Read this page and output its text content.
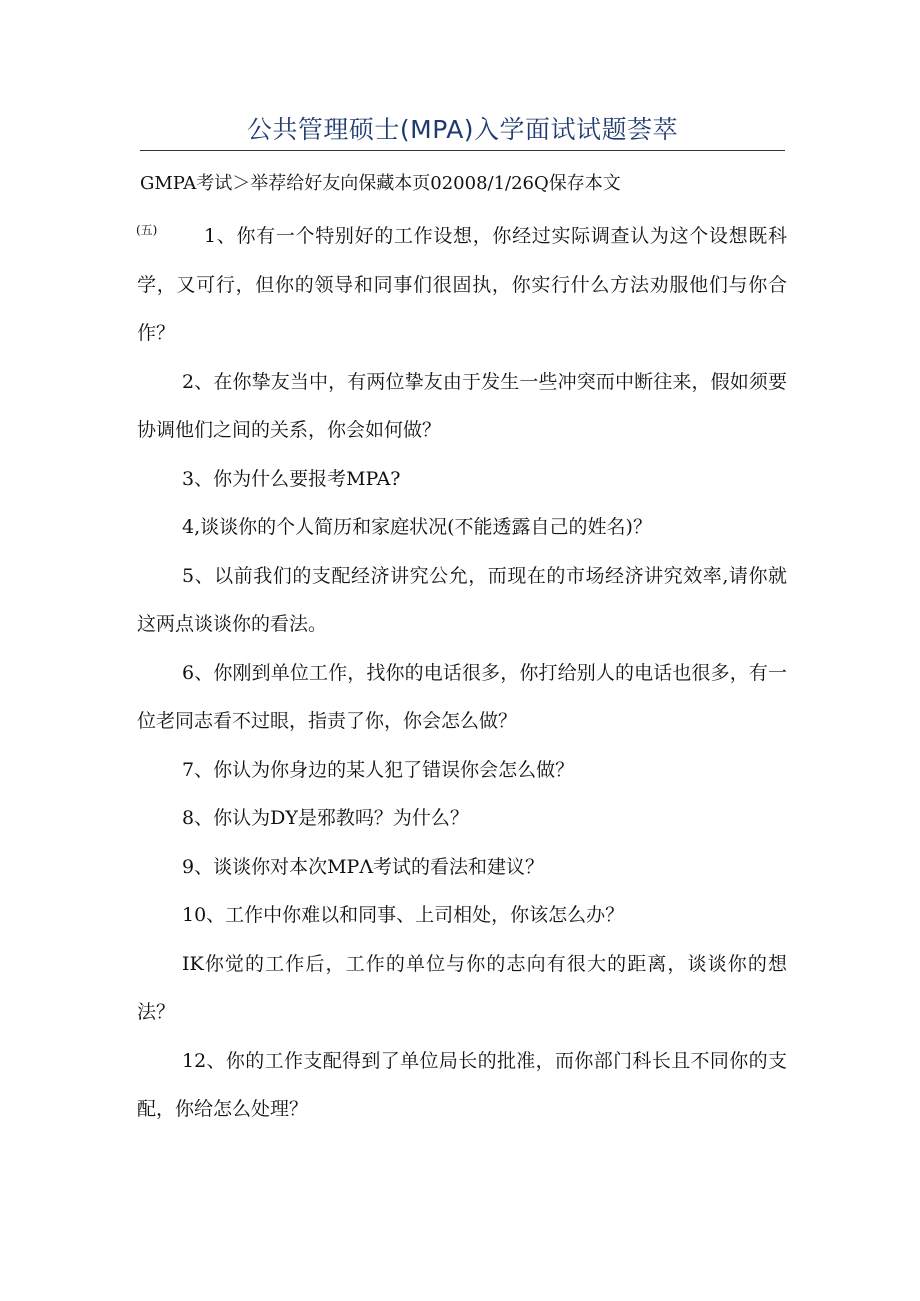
公共管理硕士(MPA)入学面试试题荟萃
GMPA考试＞举荐给好友向保藏本页02008/1/26Q保存本文
(五)	1、你有一个特别好的工作设想，你经过实际调查认为这个设想既科学，又可行，但你的领导和同事们很固执，你实行什么方法劝服他们与你合作？

2、在你挚友当中，有两位挚友由于发生一些冲突而中断往来，假如须要协调他们之间的关系，你会如何做？

3、你为什么要报考MPA?

4,谈谈你的个人简历和家庭状况(不能透露自己的姓名)？

5、以前我们的支配经济讲究公允，而现在的市场经济讲究效率,请你就这两点谈谈你的看法。

6、你刚到单位工作，找你的电话很多，你打给别人的电话也很多，有一位老同志看不过眼，指责了你，你会怎么做？

7、你认为你身边的某人犯了错误你会怎么做？

8、你认为DY是邪教吗？为什么？

9、谈谈你对本次MPΛ考试的看法和建议？

10、工作中你难以和同事、上司相处，你该怎么办？

IK你觉的工作后，工作的单位与你的志向有很大的距离，谈谈你的想法？

12、你的工作支配得到了单位局长的批准，而你部门科长且不同你的支配，你给怎么处理？
